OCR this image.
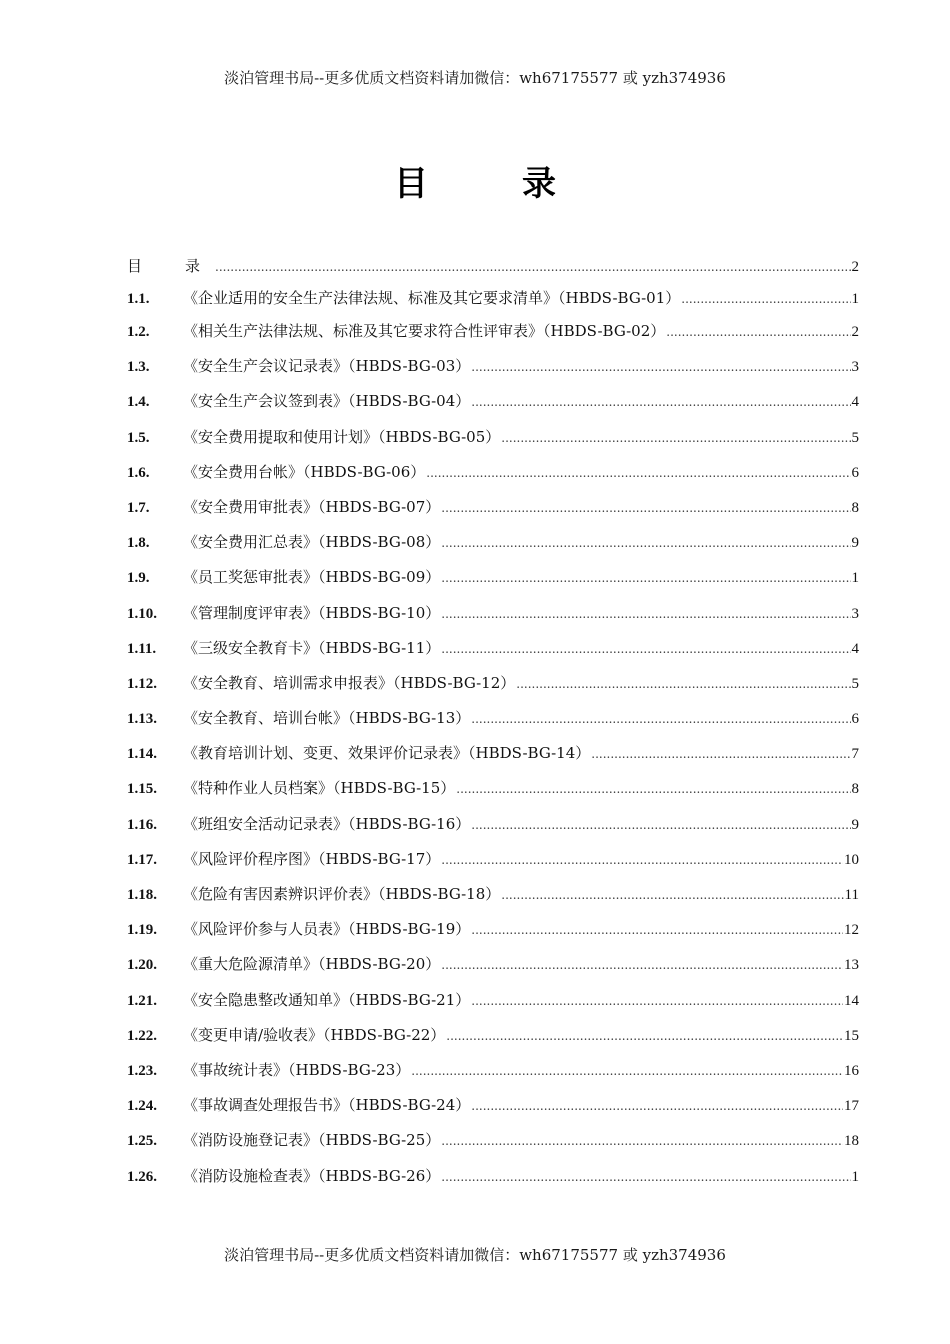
淡泊管理书局--更多优质文档资料请加微信：wh67175577 或 yzh374936
目　录
目　录 .....	2
1.1.	《企业适用的安全生产法律法规、标准及其它要求清单》（HBDS-BG-01） .....	1
1.2.	《相关生产法律法规、标准及其它要求符合性评审表》（HBDS-BG-02） .....	2
1.3.	《安全生产会议记录表》（HBDS-BG-03） .....	3
1.4.	《安全生产会议签到表》（HBDS-BG-04） .....	4
1.5.	《安全费用提取和使用计划》（HBDS-BG-05） .....	5
1.6.	《安全费用台帐》（HBDS-BG-06） .....	6
1.7.	《安全费用审批表》（HBDS-BG-07） .....	8
1.8.	《安全费用汇总表》（HBDS-BG-08） .....	9
1.9.	《员工奖惩审批表》（HBDS-BG-09） .....	1
1.10.	《管理制度评审表》（HBDS-BG-10） .....	3
1.11.	《三级安全教育卡》（HBDS-BG-11） .....	4
1.12.	《安全教育、培训需求申报表》（HBDS-BG-12） .....	5
1.13.	《安全教育、培训台帐》（HBDS-BG-13） .....	6
1.14.	《教育培训计划、变更、效果评价记录表》（HBDS-BG-14） .....	7
1.15.	《特种作业人员档案》（HBDS-BG-15） .....	8
1.16.	《班组安全活动记录表》（HBDS-BG-16） .....	9
1.17.	《风险评价程序图》（HBDS-BG-17） .....	10
1.18.	《危险有害因素辨识评价表》（HBDS-BG-18） .....	11
1.19.	《风险评价参与人员表》（HBDS-BG-19） .....	12
1.20.	《重大危险源清单》（HBDS-BG-20） .....	13
1.21.	《安全隐患整改通知单》（HBDS-BG-21） .....	14
1.22.	《变更申请/验收表》（HBDS-BG-22） .....	15
1.23.	《事故统计表》（HBDS-BG-23） .....	16
1.24.	《事故调查处理报告书》（HBDS-BG-24） .....	17
1.25.	《消防设施登记表》（HBDS-BG-25） .....	18
1.26.	《消防设施检查表》（HBDS-BG-26） .....	1
淡泊管理书局--更多优质文档资料请加微信：wh67175577 或 yzh374936
